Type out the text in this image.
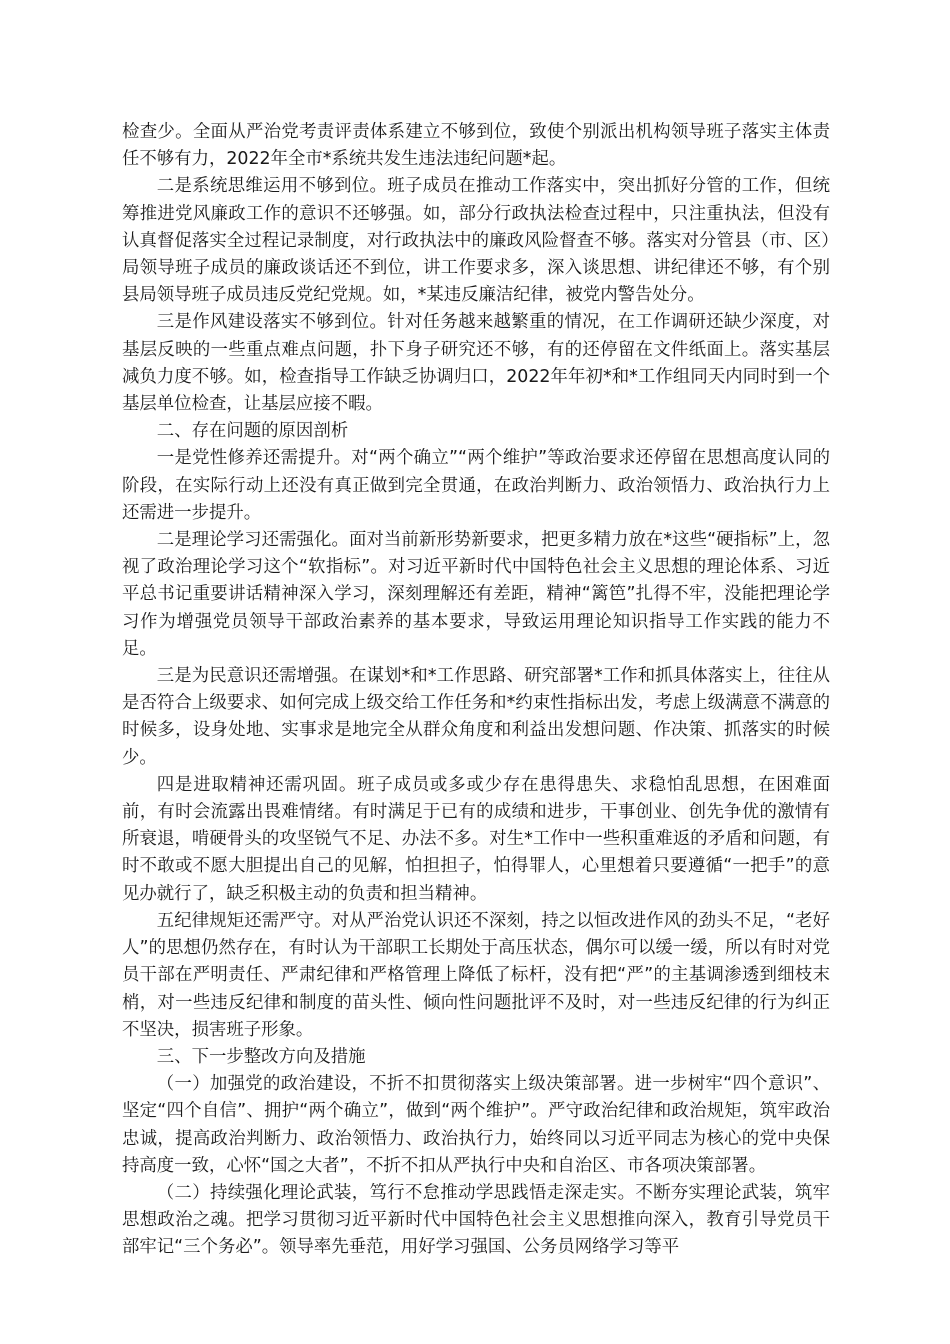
检查少。全面从严治党考责评责体系建立不够到位，致使个别派出机构领导班子落实主体责任不够有力，2022年全市*系统共发生违法违纪问题*起。

二是系统思维运用不够到位。班子成员在推动工作落实中，突出抓好分管的工作，但统筹推进党风廉政工作的意识不还够强。如，部分行政执法检查过程中，只注重执法，但没有认真督促落实全过程记录制度，对行政执法中的廉政风险督查不够。落实对分管县（市、区）局领导班子成员的廉政谈话还不到位，讲工作要求多，深入谈思想、讲纪律还不够，有个别县局领导班子成员违反党纪党规。如，*某违反廉洁纪律，被党内警告处分。

三是作风建设落实不够到位。针对任务越来越繁重的情况，在工作调研还缺少深度，对基层反映的一些重点难点问题，扑下身子研究还不够，有的还停留在文件纸面上。落实基层减负力度不够。如，检查指导工作缺乏协调归口，2022年年初*和*工作组同天内同时到一个基层单位检查，让基层应接不暇。

二、存在问题的原因剖析

一是党性修养还需提升。对“两个确立”“两个维护”等政治要求还停留在思想高度认同的阶段，在实际行动上还没有真正做到完全贯通，在政治判断力、政治领悟力、政治执行力上还需进一步提升。

二是理论学习还需强化。面对当前新形势新要求，把更多精力放在*这些“硬指标”上，忽视了政治理论学习这个“软指标”。对习近平新时代中国特色社会主义思想的理论体系、习近平总书记重要讲话精神深入学习，深刻理解还有差距，精神“篱笆”扎得不牢，没能把理论学习作为增强党员领导干部政治素养的基本要求，导致运用理论知识指导工作实践的能力不足。

三是为民意识还需增强。在谋划*和*工作思路、研究部署*工作和抓具体落实上，往往从是否符合上级要求、如何完成上级交给工作任务和*约束性指标出发，考虑上级满意不满意的时候多，设身处地、实事求是地完全从群众角度和利益出发想问题、作决策、抓落实的时候少。

四是进取精神还需巩固。班子成员或多或少存在患得患失、求稳怕乱思想，在困难面前，有时会流露出畏难情绪。有时满足于已有的成绩和进步，干事创业、创先争优的激情有所衰退，啃硬骨头的攻坚锐气不足、办法不多。对生*工作中一些积重难返的矛盾和问题，有时不敢或不愿大胆提出自己的见解，怕担担子，怕得罪人，心里想着只要遵循“一把手”的意见办就行了，缺乏积极主动的负责和担当精神。

五纪律规矩还需严守。对从严治党认识还不深刻，持之以恒改进作风的劲头不足，“老好人”的思想仍然存在，有时认为干部职工长期处于高压状态，偶尔可以缓一缓，所以有时对党员干部在严明责任、严肃纪律和严格管理上降低了标杆，没有把“严”的主基调渗透到细枝末梢，对一些违反纪律和制度的苗头性、倾向性问题批评不及时，对一些违反纪律的行为纠正不坚决，损害班子形象。

三、下一步整改方向及措施

（一）加强党的政治建设，不折不扣贯彻落实上级决策部署。进一步树牢“四个意识”、坚定“四个自信”、拥护“两个确立”，做到“两个维护”。严守政治纪律和政治规矩，筑牢政治忠诚，提高政治判断力、政治领悟力、政治执行力，始终同以习近平同志为核心的党中央保持高度一致，心怀“国之大者”，不折不扣从严执行中央和自治区、市各项决策部署。

（二）持续强化理论武装，笃行不怠推动学思践悟走深走实。不断夯实理论武装，筑牢思想政治之魂。把学习贯彻习近平新时代中国特色社会主义思想推向深入，教育引导党员干部牢记“三个务必”。领导率先垂范，用好学习强国、公务员网络学习等平
